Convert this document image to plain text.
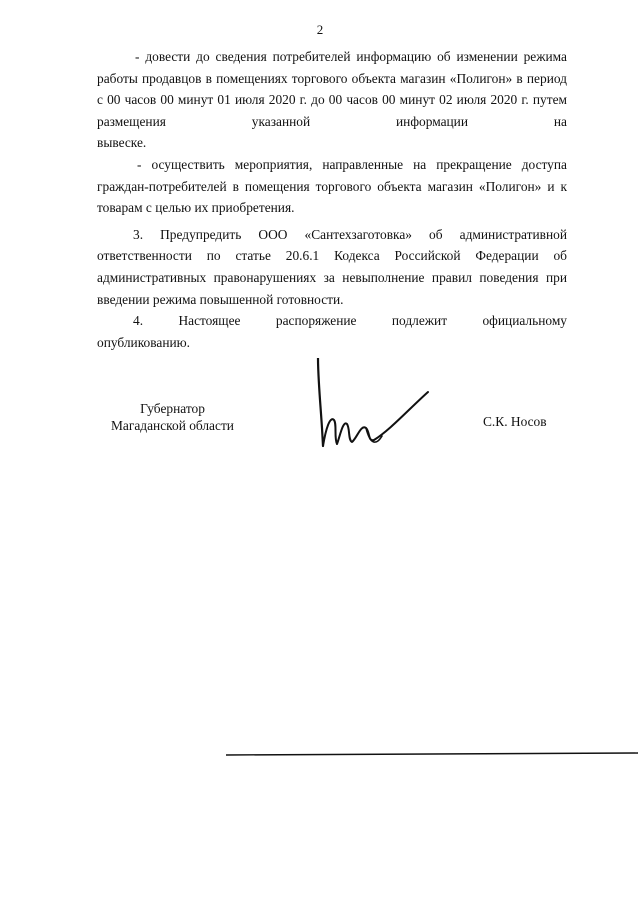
2

- довести до сведения потребителей информацию об изменении режима работы продавцов в помещениях торгового объекта магазин «Полигон» в период с 00 часов 00 минут 01 июля 2020 г. до 00 часов 00 минут 02 июля 2020 г. путем размещения указанной информации на

вывеске.

- осуществить мероприятия, направленные на прекращение доступа граждан-потребителей в помещения торгового объекта магазин «Полигон» и к товарам с целью их приобретения.

3. Предупредить ООО «Сантехзаготовка» об административной ответственности по статье 20.6.1 Кодекса Российской Федерации об административных правонарушениях за невыполнение правил поведения при введении режима повышенной готовности.

4. Настоящее распоряжение подлежит официальному

опубликованию.

Губернатор
Магаданской области	С.К. Носов
